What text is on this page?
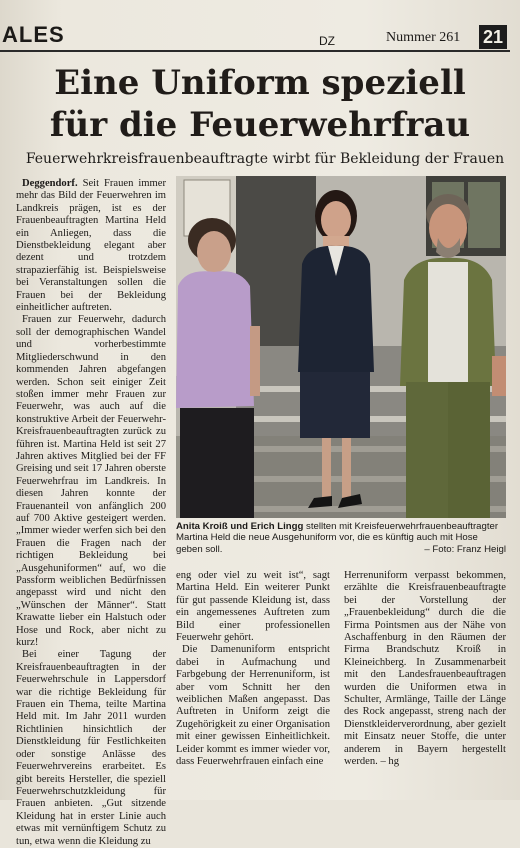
ALES	DZ	Nummer 261 21
Eine Uniform speziell
für die Feuerwehrfrau
Feuerwehrkreisfrauenbeauftragte wirbt für Bekleidung der Frauen

Deggendorf. Seit Frauen immer mehr das Bild der Feuerwehren im Landkreis prägen, ist es der Frauenbeauftragten Martina Held ein Anliegen, dass die Dienstbekleidung elegant aber dezent und trotzdem strapazierfähig ist. Beispielsweise bei Veranstaltungen sollen die Frauen bei der Bekleidung einheitlicher auftreten.

Frauen zur Feuerwehr, dadurch soll der demographischen Wandel und vorherbestimmte Mitgliederschwund in den kommenden Jahren abgefangen werden. Schon seit einiger Zeit stoßen immer mehr Frauen zur Feuerwehr, was auch auf die konstruktive Arbeit der Feuerwehr-Kreisfrauenbeauftragten zurück zu führen ist. Martina Held ist seit 27 Jahren aktives Mitglied bei der FF Greising und seit 17 Jahren oberste Feuerwehrfrau im Landkreis. In diesen Jahren konnte der Frauenanteil von anfänglich 200 auf 700 Aktive gesteigert werden. „Immer wieder werfen sich bei den Frauen die Fragen nach der richtigen Bekleidung bei „Ausgehuniformen“ auf, wo die Passform weiblichen Bedürfnissen angepasst wird und nicht den „Wünschen der Männer“. Statt Krawatte lieber ein Halstuch oder Hose und Rock, aber nicht zu kurz!

Bei einer Tagung der Kreisfrauenbeauftragten in der Feuerwehrschule in Lappersdorf war die richtige Bekleidung für Frauen ein Thema, teilte Martina Held mit. Im Jahr 2011 wurden Richtlinien hinsichtlich der Dienstkleidung für Festlichkeiten oder sonstige Anlässe des Feuerwehrvereins erarbeitet. Es gibt bereits Hersteller, die speziell Feuerwehrschutzkleidung für Frauen anbieten. „Gut sitzende Kleidung hat in erster Linie auch etwas mit vernünftigem Schutz zu tun, etwa wenn die Kleidung zu

Anita Kroiß und Erich Lingg stellten mit Kreisfeuerwehrfrauenbeauftragter Martina Held die neue Ausgehuniform vor, die es künftig auch mit Hose geben soll.	– Foto: Franz Heigl

eng oder viel zu weit ist“, sagt Martina Held. Ein weiterer Punkt für gut passende Kleidung ist, dass ein angemessenes Auftreten zum Bild einer professionellen Feuerwehr gehört.

Die Damenuniform entspricht dabei in Aufmachung und Farbgebung der Herrenuniform, ist aber vom Schnitt her den weiblichen Maßen angepasst. Das Auftreten in Uniform zeigt die Zugehörigkeit zu einer Organisation mit einer gewissen Einheitlichkeit. Leider kommt es immer wieder vor, dass Feuerwehrfrauen einfach eine

Herrenuniform verpasst bekommen, erzählte die Kreisfrauenbeauftragte bei der Vorstellung der „Frauenbekleidung“ durch die die Firma Pointsmen aus der Nähe von Aschaffenburg in den Räumen der Firma Brandschutz Kroiß in Kleineichberg. In Zusammenarbeit mit den Landesfrauenbeauftragen wurden die Uniformen etwa in Schulter, Armlänge, Taille der Länge des Rock angepasst, streng nach der Dienstkleiderverordnung, aber gezielt mit Einsatz neuer Stoffe, die unter anderem in Bayern hergestellt werden. – hg
